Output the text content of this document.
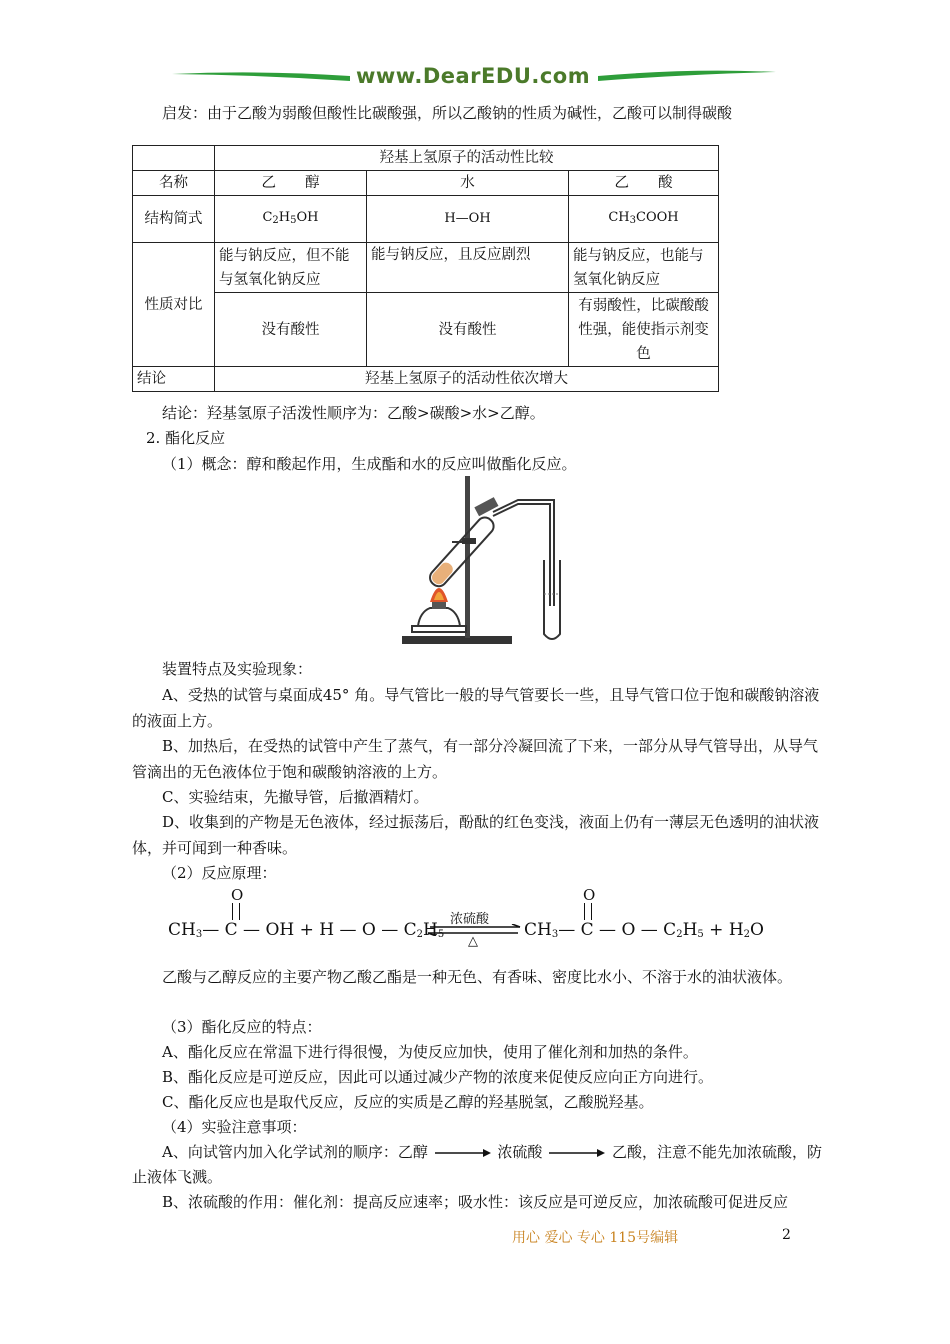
www.DearEDU.com
启发：由于乙酸为弱酸但酸性比碳酸强，所以乙酸钠的性质为碱性，乙酸可以制得碳酸
	羟基上氢原子的活动性比较		
名称	乙　　醇	水	乙　　酸
结构简式	$C_2H_5OH$	H—OH	$CH_3COOH$
性质对比	能与钠反应，但不能与氢氧化钠反应	能与钠反应，且反应剧烈	能与钠反应，也能与氢氧化钠反应
	没有酸性	没有酸性	有弱酸性，比碳酸酸性强，能使指示剂变色
结论	羟基上氢原子的活动性依次增大		
结论：羟基氢原子活泼性顺序为：乙酸>碳酸>水>乙醇。
2. 酯化反应
（1）概念：醇和酸起作用，生成酯和水的反应叫做酯化反应。
装置特点及实验现象：
A、受热的试管与桌面成45° 角。导气管比一般的导气管要长一些，且导气管口位于饱和碳酸钠溶液的液面上方。
B、加热后，在受热的试管中产生了蒸气，有一部分冷凝回流了下来，一部分从导气管导出，从导气管滴出的无色液体位于饱和碳酸钠溶液的上方。
C、实验结束，先撤导管，后撤酒精灯。
D、收集到的产物是无色液体，经过振荡后，酚酞的红色变浅，液面上仍有一薄层无色透明的油状液体，并可闻到一种香味。
（2）反应原理：
O
$CH_3—$ C — OH + H — O — $C_2H_5$
浓硫酸
△
O
$CH_3—$ C — O — $C_2H_5 + H_2O$
乙酸与乙醇反应的主要产物乙酸乙酯是一种无色、有香味、密度比水小、不溶于水的油状液体。
（3）酯化反应的特点：
A、酯化反应在常温下进行得很慢，为使反应加快，使用了催化剂和加热的条件。
B、酯化反应是可逆反应，因此可以通过减少产物的浓度来促使反应向正方向进行。
C、酯化反应也是取代反应，反应的实质是乙醇的羟基脱氢，乙酸脱羟基。
（4）实验注意事项：
A、向试管内加入化学试剂的顺序：乙醇	浓硫酸	乙酸，注意不能先加浓硫酸，防
止液体飞溅。
B、浓硫酸的作用：催化剂：提高反应速率；吸水性：该反应是可逆反应，加浓硫酸可促进反应
用心 爱心 专心 115号编辑	2
